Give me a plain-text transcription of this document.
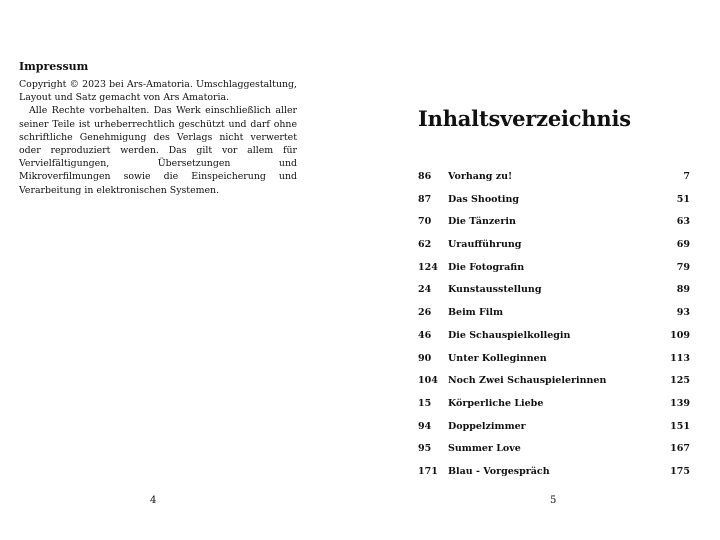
Impressum

Copyright © 2023 bei Ars-Amatoria. Umschlaggestaltung, Layout und Satz gemacht von Ars Amatoria.

Alle Rechte vorbehalten. Das Werk einschließlich aller seiner Teile ist urheberrechtlich geschützt und darf ohne schriftliche Genehmigung des Verlags nicht verwertet oder reproduziert werden. Das gilt vor allem für Vervielfältigungen, Übersetzungen und Mikroverfilmungen sowie die Einspeicherung und Verarbeitung in elektronischen Systemen.

4
Inhaltsverzeichnis
86	Vorhang zu!	7
87	Das Shooting	51
70	Die Tänzerin	63
62	Uraufführung	69
124	Die Fotografin	79
24	Kunstausstellung	89
26	Beim Film	93
46	Die Schauspielkollegin	109
90	Unter Kolleginnen	113
104	Noch Zwei Schauspielerinnen	125
15	Körperliche Liebe	139
94	Doppelzimmer	151
95	Summer Love	167
171	Blau - Vorgespräch	175
5
